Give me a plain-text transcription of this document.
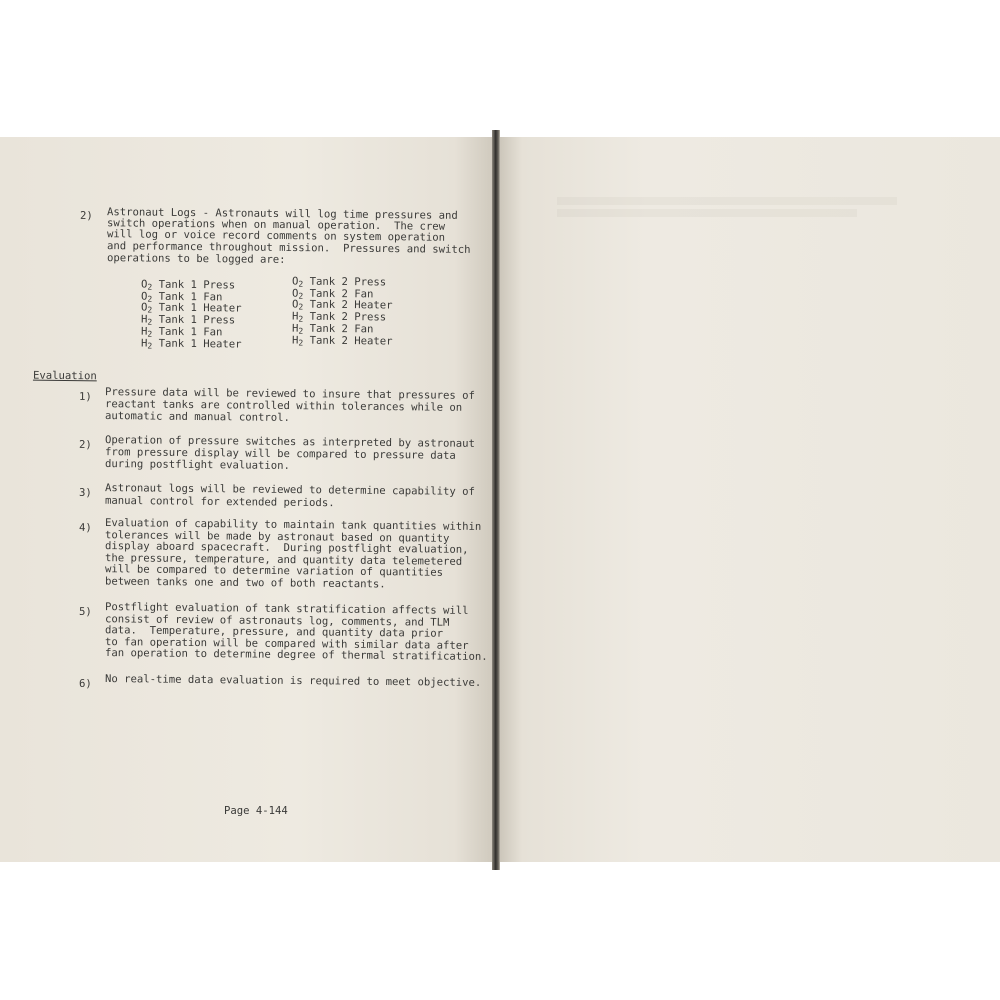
2) Astronaut Logs - Astronauts will log time pressures and
switch operations when on manual operation.  The crew
will log or voice record comments on system operation
and performance throughout mission.  Pressures and switch
operations to be logged are:
O2 Tank 1 Press
O2 Tank 1 Fan
O2 Tank 1 Heater
H2 Tank 1 Press
H2 Tank 1 Fan
H2 Tank 1 Heater
O2 Tank 2 Press
O2 Tank 2 Fan
O2 Tank 2 Heater
H2 Tank 2 Press
H2 Tank 2 Fan
H2 Tank 2 Heater
Evaluation
1) Pressure data will be reviewed to insure that pressures of
reactant tanks are controlled within tolerances while on
automatic and manual control.
2) Operation of pressure switches as interpreted by astronaut
from pressure display will be compared to pressure data
during postflight evaluation.
3) Astronaut logs will be reviewed to determine capability of
manual control for extended periods.
4) Evaluation of capability to maintain tank quantities within
tolerances will be made by astronaut based on quantity
display aboard spacecraft.  During postflight evaluation,
the pressure, temperature, and quantity data telemetered
will be compared to determine variation of quantities
between tanks one and two of both reactants.
5) Postflight evaluation of tank stratification affects will
consist of review of astronauts log, comments, and TLM
data.  Temperature, pressure, and quantity data prior
to fan operation will be compared with similar data after
fan operation to determine degree of thermal stratification.
6) No real-time data evaluation is required to meet objective.
Page 4-144
